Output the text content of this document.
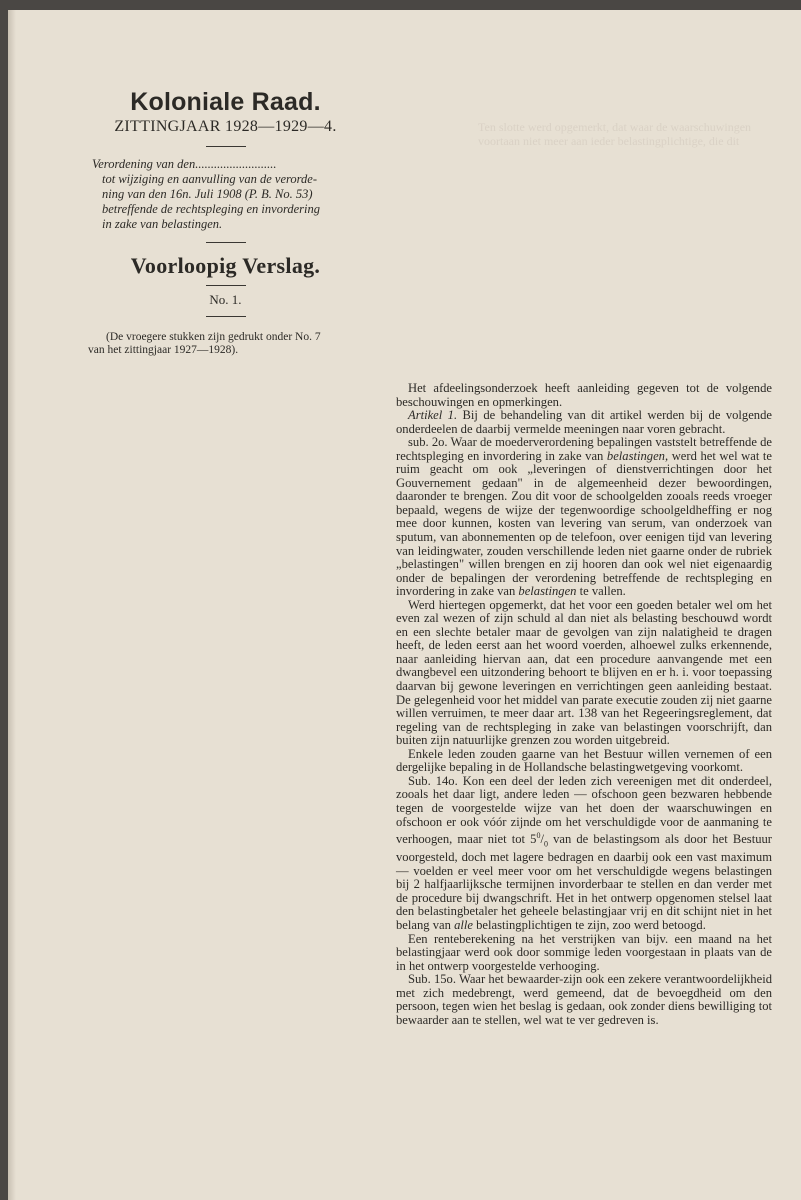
Ten slotte werd opgemerkt, dat waar de waarschuwingen
voortaan niet meer aan ieder belastingplichtige, die dit
Koloniale Raad.
ZITTINGJAAR 1928—1929—4.
Verordening van den..........................
tot wijziging en aanvulling van de verorde-
ning van den 16n. Juli 1908 (P. B. No. 53)
betreffende de rechtspleging en invordering
in zake van belastingen.
Voorloopig Verslag.
No. 1.
(De vroegere stukken zijn gedrukt onder No. 7
van het zittingjaar 1927—1928).

Het afdeelingsonderzoek heeft aanleiding gegeven tot de volgende beschouwingen en opmerkingen.

Artikel 1. Bij de behandeling van dit artikel werden bij de volgende onderdeelen de daarbij vermelde meeningen naar voren gebracht.

sub. 2o. Waar de moederverordening bepalingen vaststelt betreffende de rechtspleging en invordering in zake van belastingen, werd het wel wat te ruim geacht om ook „leveringen of dienstverrichtingen door het Gouvernement gedaan" in de algemeenheid dezer bewoordingen, daaronder te brengen. Zou dit voor de schoolgelden zooals reeds vroeger bepaald, wegens de wijze der tegenwoordige schoolgeldheffing er nog mee door kunnen, kosten van levering van serum, van onderzoek van sputum, van abonnementen op de telefoon, over eenigen tijd van levering van leidingwater, zouden verschillende leden niet gaarne onder de rubriek „belastingen" willen brengen en zij hooren dan ook wel niet eigenaardig onder de bepalingen der verordening betreffende de rechtspleging en invordering in zake van belastingen te vallen.

Werd hiertegen opgemerkt, dat het voor een goeden betaler wel om het even zal wezen of zijn schuld al dan niet als belasting beschouwd wordt en een slechte betaler maar de gevolgen van zijn nalatigheid te dragen heeft, de leden eerst aan het woord voerden, alhoewel zulks erkennende, naar aanleiding hiervan aan, dat een procedure aanvangende met een dwangbevel een uitzondering behoort te blijven en er h. i. voor toepassing daarvan bij gewone leveringen en verrichtingen geen aanleiding bestaat. De gelegenheid voor het middel van parate executie zouden zij niet gaarne willen verruimen, te meer daar art. 138 van het Regeeringsreglement, dat regeling van de rechtspleging in zake van belastingen voorschrijft, dan buiten zijn natuurlijke grenzen zou worden uitgebreid.

Enkele leden zouden gaarne van het Bestuur willen vernemen of een dergelijke bepaling in de Hollandsche belastingwetgeving voorkomt.

Sub. 14o. Kon een deel der leden zich vereenigen met dit onderdeel, zooals het daar ligt, andere leden — ofschoon geen bezwaren hebbende tegen de voorgestelde wijze van het doen der waarschuwingen en ofschoon er ook vóór zijnde om het verschuldigde voor de aanmaning te verhoogen, maar niet tot $5^0/_0$ van de belastingsom als door het Bestuur voorgesteld, doch met lagere bedragen en daarbij ook een vast maximum — voelden er veel meer voor om het verschuldigde wegens belastingen bij 2 halfjaarlijksche termijnen invorderbaar te stellen en dan verder met de procedure bij dwangschrift. Het in het ontwerp opgenomen stelsel laat den belastingbetaler het geheele belastingjaar vrij en dit schijnt niet in het belang van alle belastingplichtigen te zijn, zoo werd betoogd.

Een renteberekening na het verstrijken van bijv. een maand na het belastingjaar werd ook door sommige leden voorgestaan in plaats van de in het ontwerp voorgestelde verhooging.

Sub. 15o. Waar het bewaarder-zijn ook een zekere verantwoordelijkheid met zich medebrengt, werd gemeend, dat de bevoegdheid om den persoon, tegen wien het beslag is gedaan, ook zonder diens bewilliging tot bewaarder aan te stellen, wel wat te ver gedreven is.
